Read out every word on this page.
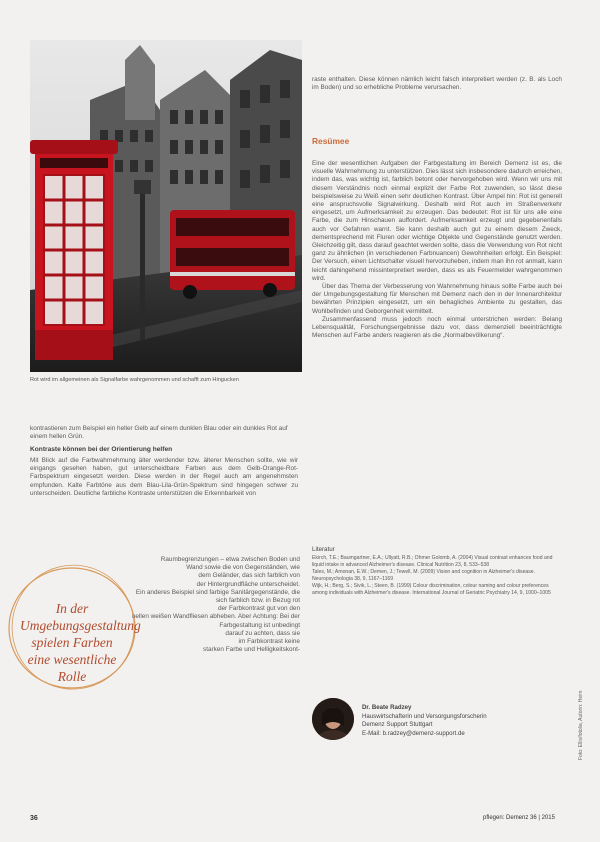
Rot wird im allgemeinen als Signalfarbe wahrgenommen und schafft zum Hingucken
kontrastieren zum Beispiel ein heller Gelb auf einem dunklen Blau oder ein dunkles Rot auf einem hellen Grün.
Kontraste können bei der Orientierung helfen

Mit Blick auf die Farbwahrnehmung älter werdender bzw. älterer Menschen sollte, wie wir eingangs gesehen haben, gut unterscheidbare Farben aus dem Gelb-Orange-Rot-Farbspektrum eingesetzt werden. Diese werden in der Regel auch am angenehmsten empfunden. Kalte Farbtöne aus dem Blau-Lila-Grün-Spektrum sind hingegen schwer zu unterscheiden. Deutliche farbliche Kontraste unterstützen die Erkennbarkeit von

Raumbegrenzungen – etwa zwischen Boden und
Wand sowie die von Gegenständen, wie
dem Geländer, das sich farblich von
der Hintergrundfläche unterscheidet.
Ein anderes Beispiel sind farbige Sanitärgegenstände, die
sich farblich bzw. in Bezug rot
der Farbkontrast gut von den
hellen weißen Wandfliesen abheben. Aber Achtung: Bei der
Farbgestaltung ist unbedingt
darauf zu achten, dass sie
im Farbkontrast keine
starken Farbe und Helligkeitskont-
In der Umgebungsgestaltung spielen Farben eine wesentliche Rolle
raste enthalten. Diese können nämlich leicht falsch interpretiert werden (z. B. als Loch im Boden) und so erhebliche Probleme verursachen.
Resümee

Eine der wesentlichen Aufgaben der Farbgestaltung im Bereich Demenz ist es, die visuelle Wahrnehmung zu unterstützen. Dies lässt sich insbesondere dadurch erreichen, indem das, was wichtig ist, farblich betont oder hervorgehoben wird. Wenn wir uns mit diesem Verständnis noch einmal explizit der Farbe Rot zuwenden, so lässt diese beispielsweise zu Weiß einen sehr deutlichen Kontrast. Über Ampel hin: Rot ist generell eine anspruchsvolle Signalwirkung. Deshalb wird Rot auch im Straßenverkehr eingesetzt, um Aufmerksamkeit zu erzeugen. Das bedeutet: Rot ist für uns alle eine Farbe, die zum Hinschauen auffordert. Aufmerksamkeit erzeugt und gegebenenfalls auch vor Gefahren warnt. Sie kann deshalb auch gut zu einem diesem Zweck, dementsprechend mit Fluren oder wichtige Objekte und Gegenstände genutzt werden. Gleichzeitig gilt, dass darauf geachtet werden sollte, dass die Verwendung von Rot nicht ganz zu ähnlichen (in verschiedenen Farbnuancen) Gewohnheiten erfolgt. Ein Beispiel: Der Versuch, einen Lichtschalter visuell hervorzuheben, indem man ihn rot anmalt, kann leicht dahingehend missinterpretiert werden, dass es als Feuermelder wahrgenommen wird.

Über das Thema der Verbesserung von Wahrnehmung hinaus sollte Farbe auch bei der Umgebungsgestaltung für Menschen mit Demenz nach den in der Innenarchitektur bewährten Prinzipien eingesetzt, um ein behagliches Ambiente zu gestalten, das Wohlbefinden und Geborgenheit vermittelt.

Zusammenfassend muss jedoch noch einmal unterstrichen werden: Belang Lebensqualität, Forschungsergebnisse dazu vor, dass demenziell beeinträchtigte Menschen auf Farbe anders reagieren als die „Normalbevölkerung“.

Literatur
Ekirch, T.E.; Baumgartner, E.A.; Ullyatt, R.B.; Ohmer Golomb, A. (2004) Visual contrast enhances food and liquid intake in advanced Alzheimer's disease. Clinical Nutrition 23, 8, 533–538
Tales, M.; Amonan, E.W.; Demen, J.; Tewell, M. (2009) Vision and cognition in Alzheimer's disease. Neuropsychologia 38, 9, 1167–1169
Wijk, H.; Berg, S.; Sivik, L.; Steen, B. (1999) Colour discrimination, colour naming and colour preferences among individuals with Alzheimer's disease. International Journal of Geriatric Psychiatry 14, 9, 1000–1005
Dr. Beate Radzey
Hauswirtschafterin und Versorgungsforscherin
Demenz Support Stuttgart
E-Mail: b.radzey@demenz-support.de	Foto: Ellis/fotolia, Autorin: Heim
36	pflegen: Demenz 36 | 2015
